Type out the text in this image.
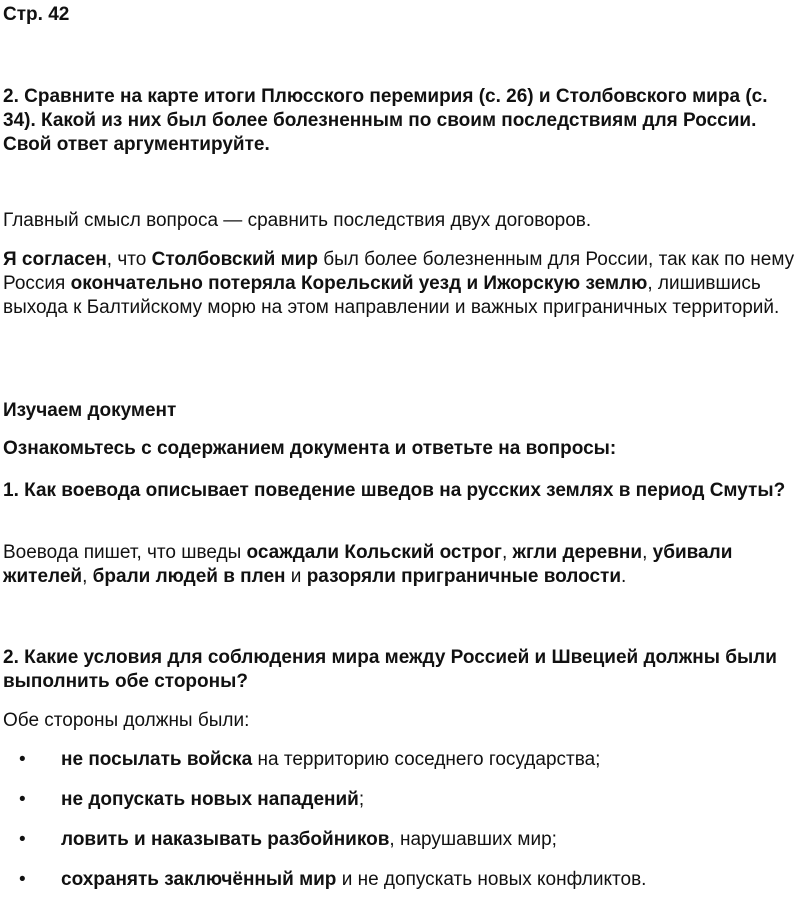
Стр. 42

2. Сравните на карте итоги Плюсского перемирия (с. 26) и Столбовского мира (с. 34). Какой из них был более болезненным по своим последствиям для России. Свой ответ аргументируйте.

Главный смысл вопроса — сравнить последствия двух договоров.

Я согласен, что Столбовский мир был более болезненным для России, так как по нему Россия окончательно потеряла Корельский уезд и Ижорскую землю, лишившись выхода к Балтийскому морю на этом направлении и важных приграничных территорий.

Изучаем документ

Ознакомьтесь с содержанием документа и ответьте на вопросы:

1. Как воевода описывает поведение шведов на русских землях в период Смуты?

Воевода пишет, что шведы осаждали Кольский острог, жгли деревни, убивали жителей, брали людей в плен и разоряли приграничные волости.

2. Какие условия для соблюдения мира между Россией и Швецией должны были выполнить обе стороны?

Обе стороны должны были:

• не посылать войска на территорию соседнего государства;
• не допускать новых нападений;
• ловить и наказывать разбойников, нарушавших мир;
• сохранять заключённый мир и не допускать новых конфликтов.
